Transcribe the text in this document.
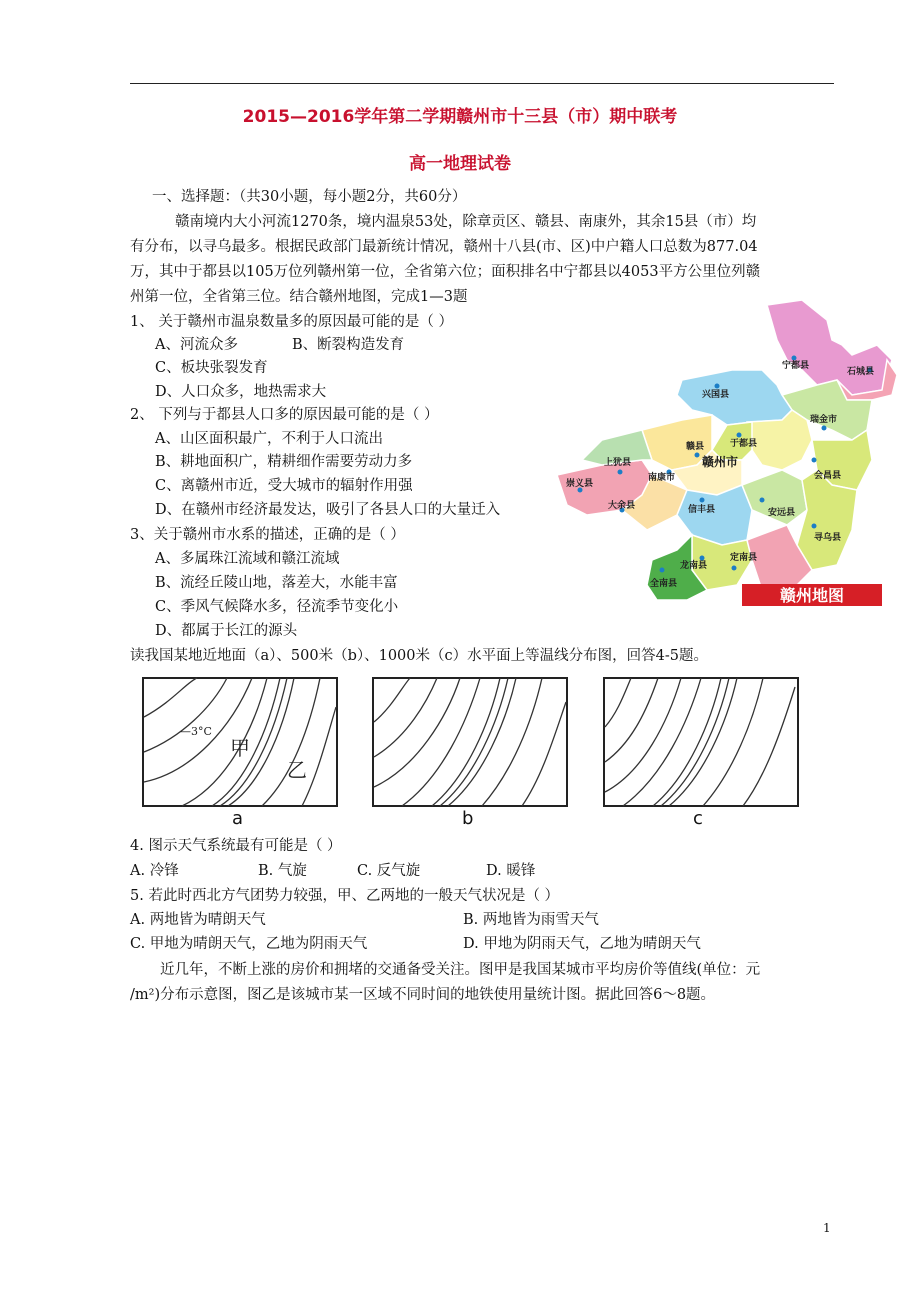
2015—2016学年第二学期赣州市十三县（市）期中联考
高一地理试卷
一、选择题：（共30小题，每小题2分，共60分）
赣南境内大小河流1270条，境内温泉53处，除章贡区、赣县、南康外，其余15县（市）均
有分布，以寻乌最多。根据民政部门最新统计情况，赣州十八县(市、区)中户籍人口总数为877.04
万，其中于都县以105万位列赣州第一位，全省第六位；面积排名中宁都县以4053平方公里位列赣
州第一位，全省第三位。结合赣州地图，完成1—3题
1、 关于赣州市温泉数量多的原因最可能的是（ ）
A、河流众多	B、断裂构造发育
C、板块张裂发育
D、人口众多，地热需求大
2、 下列与于都县人口多的原因最可能的是（ ）
A、山区面积最广，不利于人口流出
B、耕地面积广，精耕细作需要劳动力多
C、离赣州市近，受大城市的辐射作用强
D、在赣州市经济最发达，吸引了各县人口的大量迁入
3、关于赣州市水系的描述，正确的是（ ）
A、多属珠江流域和赣江流域
B、流经丘陵山地，落差大，水能丰富
C、季风气候降水多，径流季节变化小
D、都属于长江的源头
宁都县
石城县
兴国县
瑞金市
于都县
赣县
上犹县
崇义县
南康市	会昌县
大余县	信丰县	安远县
寻乌县
龙南县
定南县
全南县
赣州市
赣州地图
读我国某地近地面（a）、500米（b）、1000米（c）水平面上等温线分布图，回答4-5题。
—3°C
甲
乙
a	b	c
4. 图示天气系统最有可能是（ ）
A. 冷锋	B. 气旋	C. 反气旋	D. 暖锋
5. 若此时西北方气团势力较强，甲、乙两地的一般天气状况是（ ）
A. 两地皆为晴朗天气	B. 两地皆为雨雪天气
C. 甲地为晴朗天气，乙地为阴雨天气	D. 甲地为阴雨天气，乙地为晴朗天气
近几年，不断上涨的房价和拥堵的交通备受关注。图甲是我国某城市平均房价等值线(单位：元
/m²)分布示意图，图乙是该城市某一区域不同时间的地铁使用量统计图。据此回答6～8题。
1
